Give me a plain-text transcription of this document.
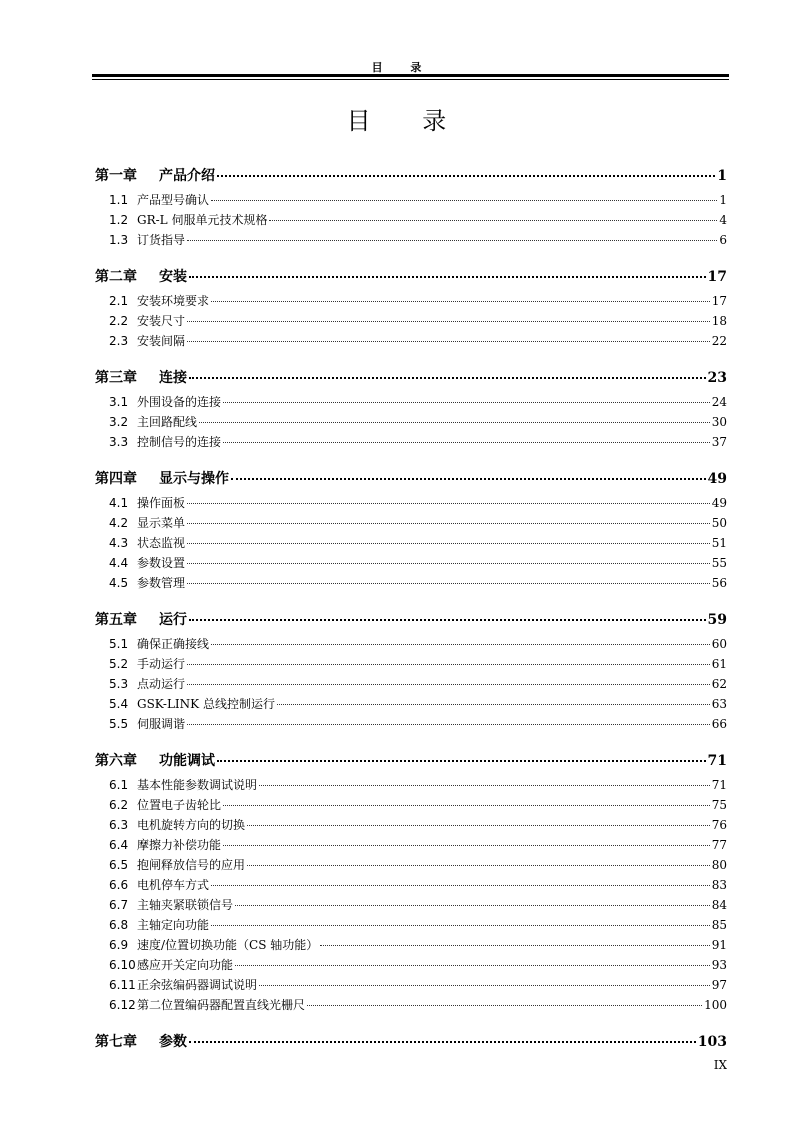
目 录
目 录
第一章	产品介绍	1
1.1 产品型号确认	1
1.2 GR-L 伺服单元技术规格	4
1.3 订货指导	6
第二章	安装	17
2.1 安装环境要求	17
2.2 安装尺寸	18
2.3 安装间隔	22
第三章	连接	23
3.1 外围设备的连接	24
3.2 主回路配线	30
3.3 控制信号的连接	37
第四章	显示与操作	49
4.1 操作面板	49
4.2 显示菜单	50
4.3 状态监视	51
4.4 参数设置	55
4.5 参数管理	56
第五章	运行	59
5.1 确保正确接线	60
5.2 手动运行	61
5.3 点动运行	62
5.4 GSK-LINK 总线控制运行	63
5.5 伺服调谐	66
第六章	功能调试	71
6.1 基本性能参数调试说明	71
6.2 位置电子齿轮比	75
6.3 电机旋转方向的切换	76
6.4 摩擦力补偿功能	77
6.5 抱闸释放信号的应用	80
6.6 电机停车方式	83
6.7 主轴夹紧联锁信号	84
6.8 主轴定向功能	85
6.9 速度/位置切换功能（CS 轴功能）	91
6.10 感应开关定向功能	93
6.11 正余弦编码器调试说明	97
6.12 第二位置编码器配置直线光栅尺	100
第七章	参数	103
IX
